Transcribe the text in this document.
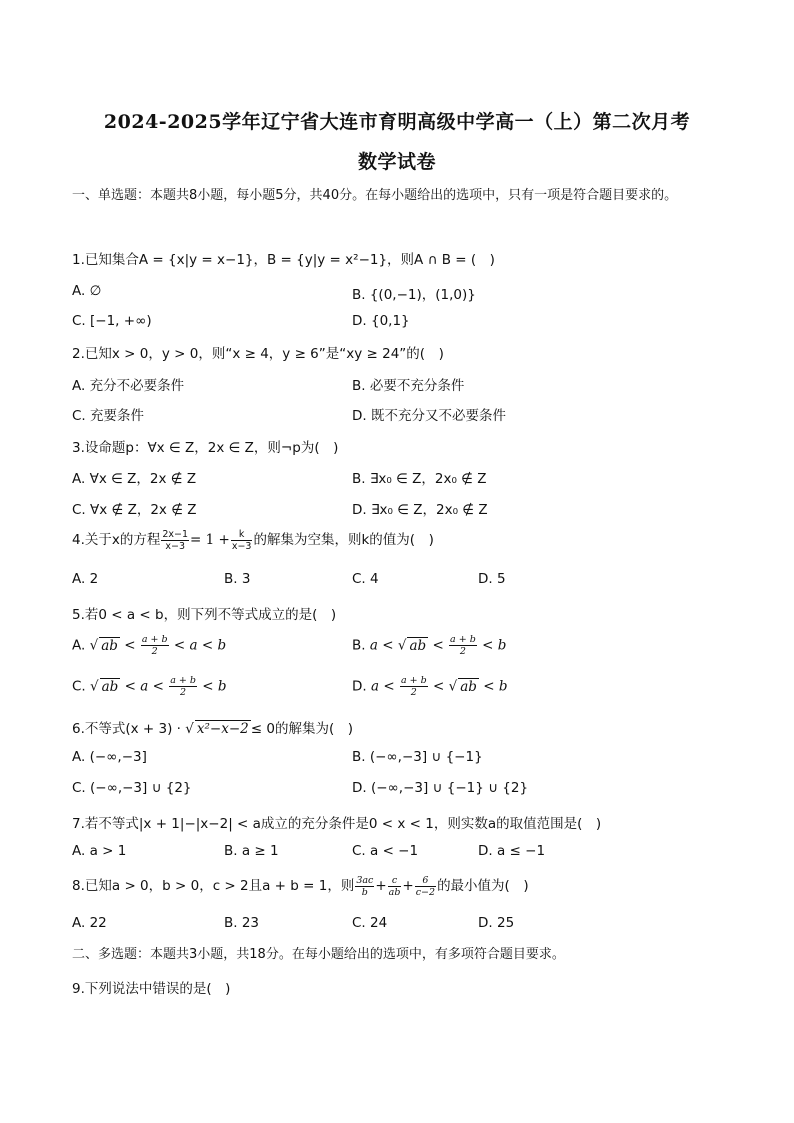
2024-2025学年辽宁省大连市育明高级中学高一（上）第二次月考
数学试卷
一、单选题：本题共8小题，每小题5分，共40分。在每小题给出的选项中，只有一项是符合题目要求的。
1.已知集合A = {x|y = x−1}，B = {y|y = x²−1}，则A ∩ B = (　)
A. ∅	B. {(0,−1)，(1,0)}
C. [−1, +∞)	D. {0,1}
2.已知x > 0，y > 0，则“x ≥ 4，y ≥ 6”是“xy ≥ 24”的(　)
A. 充分不必要条件	B. 必要不充分条件
C. 充要条件	D. 既不充分又不必要条件
3.设命题p：∀x ∈ Z，2x ∈ Z，则¬p为(　)
A. ∀x ∈ Z，2x ∉ Z	B. ∃x₀ ∈ Z，2x₀ ∉ Z
C. ∀x ∉ Z，2x ∉ Z	D. ∃x₀ ∈ Z，2x₀ ∉ Z
4.关于x的方程 $\frac{2x-1}{x-3} = 1 + \frac{k}{x-3}$ 的解集为空集，则k的值为(　)
A. 2	B. 3	C. 4	D. 5
5.若0 < a < b，则下列不等式成立的是(　)
A. √ ab < $\frac{a + b}{2} < a < b$	B. a < √ ab < $\frac{a + b}{2} < b$
C. √ ab < $a < \frac{a + b}{2} < b$	D. $a < \frac{a + b}{2}$ < √ ab < b
6.不等式(x + 3) · √ x²−x−2 ≤ 0的解集为(　)
A. (−∞,−3]	B. (−∞,−3] ∪ {−1}
C. (−∞,−3] ∪ {2}	D. (−∞,−3] ∪ {−1} ∪ {2}
7.若不等式|x + 1|−|x−2| < a成立的充分条件是0 < x < 1，则实数a的取值范围是(　)
A. a > 1	B. a ≥ 1	C. a < −1	D. a ≤ −1
8.已知a > 0，b > 0，c > 2且a + b = 1，则 $\frac{3ac}{b} + \frac{c}{ab} + \frac{6}{c-2}$ 的最小值为(　)
A. 22	B. 23	C. 24	D. 25
二、多选题：本题共3小题，共18分。在每小题给出的选项中，有多项符合题目要求。
9.下列说法中错误的是(　)
